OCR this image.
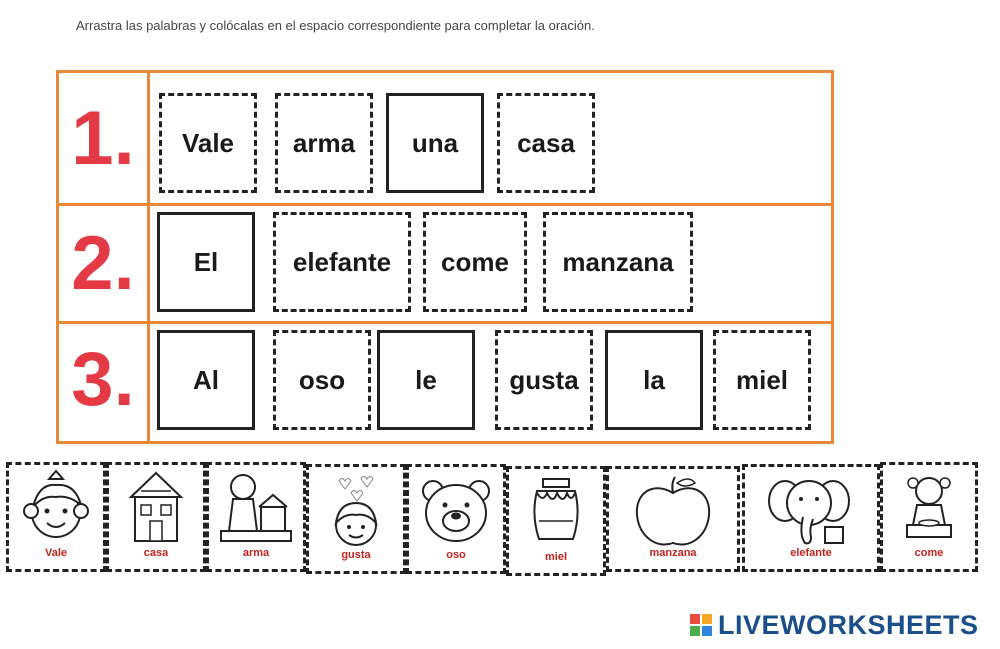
Arrastra las palabras y colócalas en el espacio correspondiente para completar la oración.
1.	Vale	arma	una	casa
2.	El	elefante	come	manzana
3.	Al	oso	le	gusta	la	miel
Vale	casa	arma	gusta	oso	miel	manzana	elefante	come
LIVEWORKSHEETS
